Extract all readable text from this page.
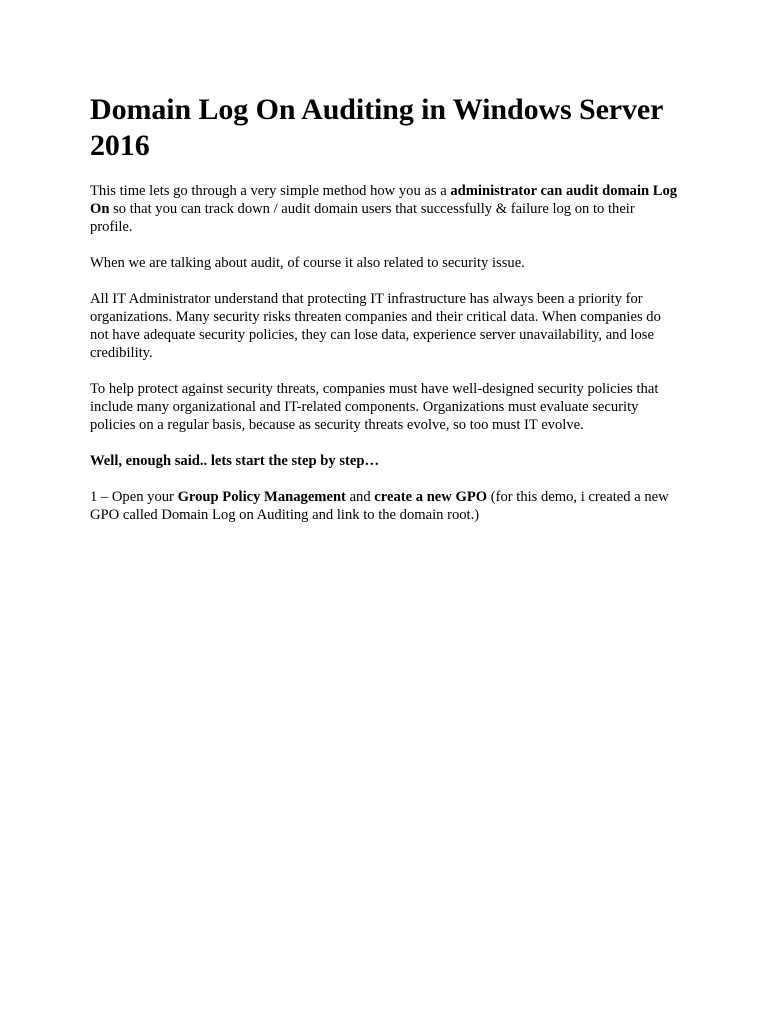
Domain Log On Auditing in Windows Server 2016

This time lets go through a very simple method how you as a administrator can audit domain Log On so that you can track down / audit domain users that successfully & failure log on to their profile.

When we are talking about audit, of course it also related to security issue.

All IT Administrator understand that protecting IT infrastructure has always been a priority for organizations. Many security risks threaten companies and their critical data. When companies do not have adequate security policies, they can lose data, experience server unavailability, and lose credibility.

To help protect against security threats, companies must have well-designed security policies that include many organizational and IT-related components. Organizations must evaluate security policies on a regular basis, because as security threats evolve, so too must IT evolve.

Well, enough said.. lets start the step by step…

1 – Open your Group Policy Management and create a new GPO (for this demo, i created a new GPO called Domain Log on Auditing and link to the domain root.)
